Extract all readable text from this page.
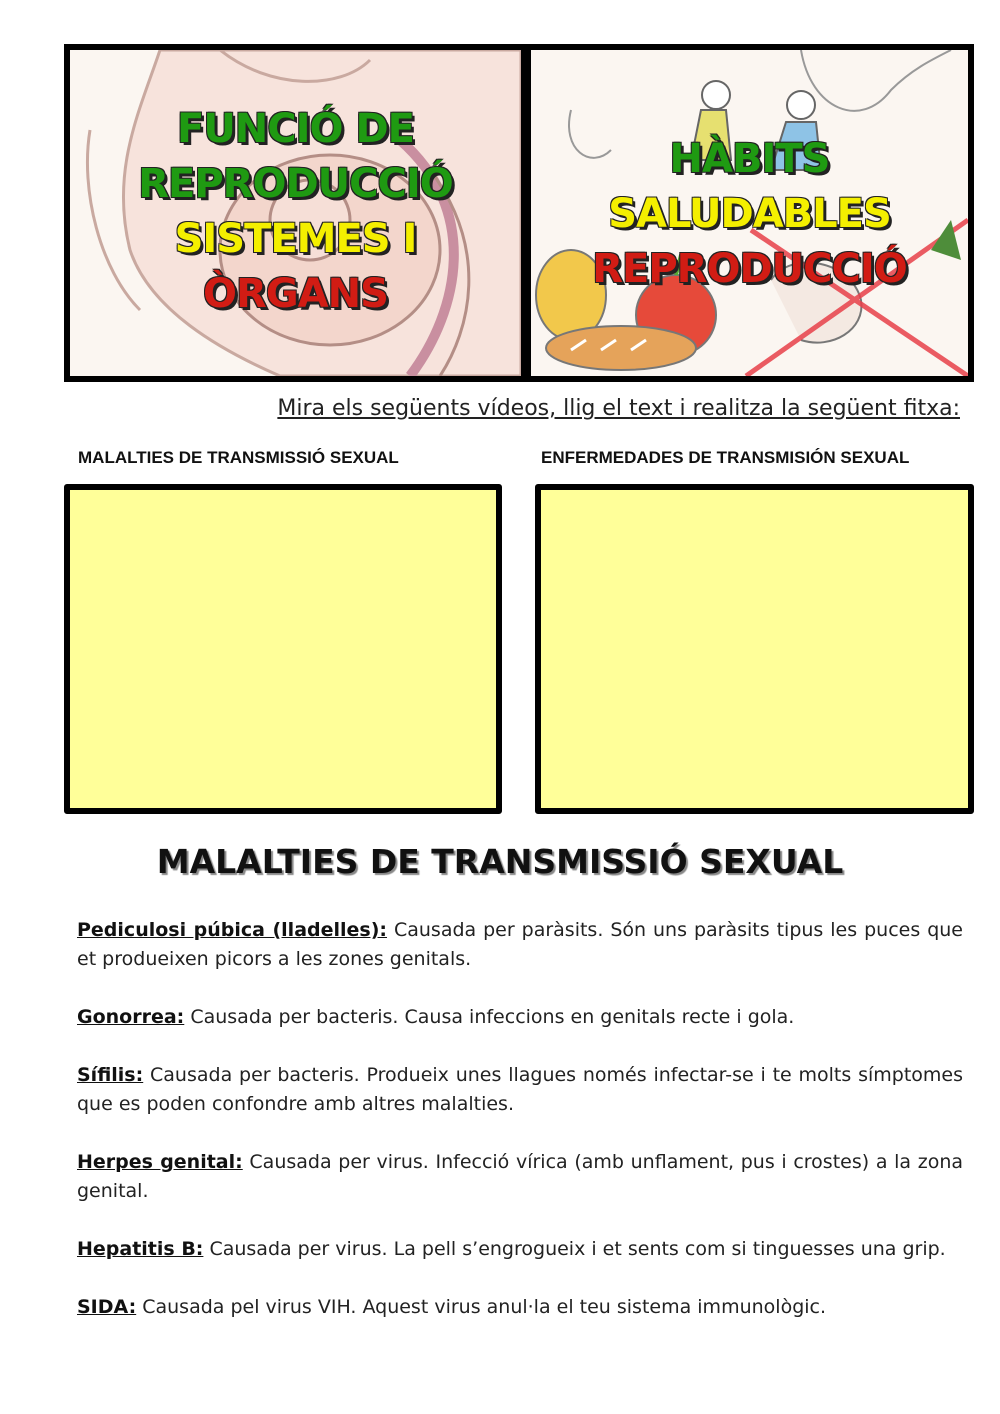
FUNCIÓ DE
REPRODUCCIÓ
SISTEMES I
ÒRGANS
HÀBITS
SALUDABLES
REPRODUCCIÓ
Mira els següents vídeos, llig el text i realitza la següent fitxa:
MALALTIES DE TRANSMISSIÓ SEXUAL	ENFERMEDADES DE TRANSMISIÓN SEXUAL
MALALTIES DE TRANSMISSIÓ SEXUAL

Pediculosi púbica (lladelles): Causada per paràsits. Són uns paràsits tipus les puces que et produeixen picors a les zones genitals.

Gonorrea: Causada per bacteris. Causa infeccions en genitals recte i gola.

Sífilis: Causada per bacteris. Produeix unes llagues només infectar-se i te molts símptomes que es poden confondre amb altres malalties.

Herpes genital: Causada per virus. Infecció vírica (amb unflament, pus i crostes) a la zona genital.

Hepatitis B: Causada per virus. La pell s’engrogueix i et sents com si tinguesses una grip.

SIDA: Causada pel virus VIH. Aquest virus anul·la el teu sistema immunològic.
